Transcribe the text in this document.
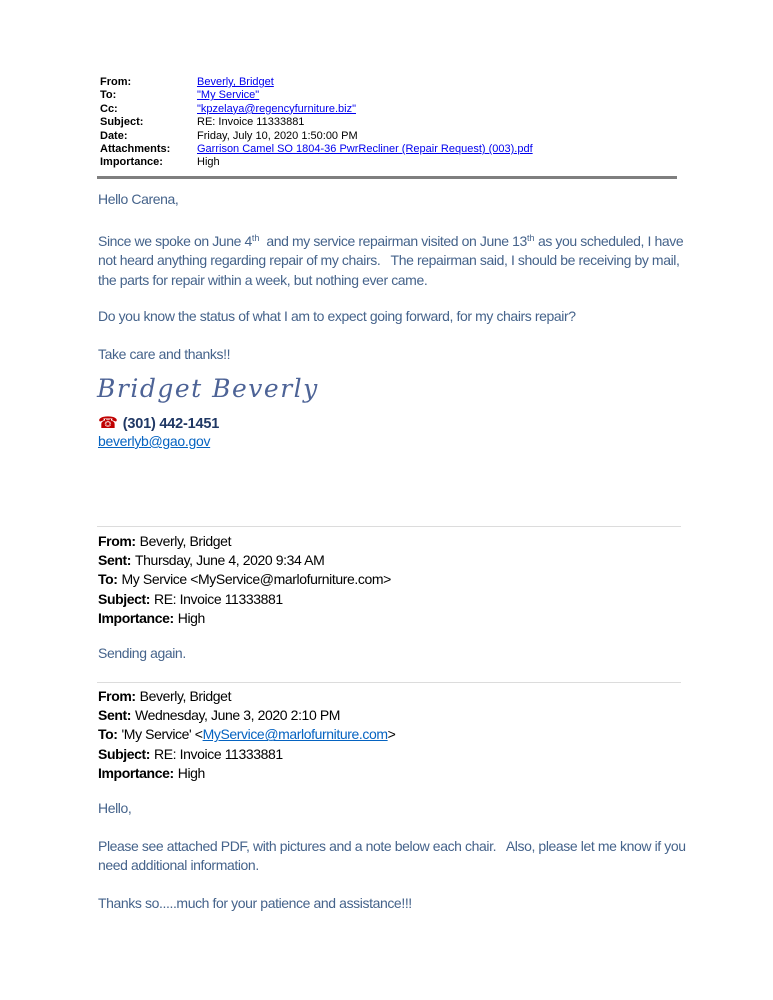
From:	Beverly, Bridget
To:	"My Service"
Cc:	"kpzelaya@regencyfurniture.biz"
Subject:	RE: Invoice 11333881
Date:	Friday, July 10, 2020 1:50:00 PM
Attachments:	Garrison Camel SO 1804-36 PwrRecliner (Repair Request) (003).pdf
Importance:	High
Hello Carena,
Since we spoke on June 4th  and my service repairman visited on June 13th as you scheduled, I have
not heard anything regarding repair of my chairs.   The repairman said, I should be receiving by mail,
the parts for repair within a week, but nothing ever came.
Do you know the status of what I am to expect going forward, for my chairs repair?
Take care and thanks!!
Bridget Beverly
☎ (301) 442-1451
beverlyb@gao.gov
From: Beverly, Bridget
Sent: Thursday, June 4, 2020 9:34 AM
To: My Service <MyService@marlofurniture.com>
Subject: RE: Invoice 11333881
Importance: High
Sending again.
From: Beverly, Bridget
Sent: Wednesday, June 3, 2020 2:10 PM
To: 'My Service' <MyService@marlofurniture.com>
Subject: RE: Invoice 11333881
Importance: High
Hello,
Please see attached PDF, with pictures and a note below each chair.   Also, please let me know if you
need additional information.
Thanks so.....much for your patience and assistance!!!
